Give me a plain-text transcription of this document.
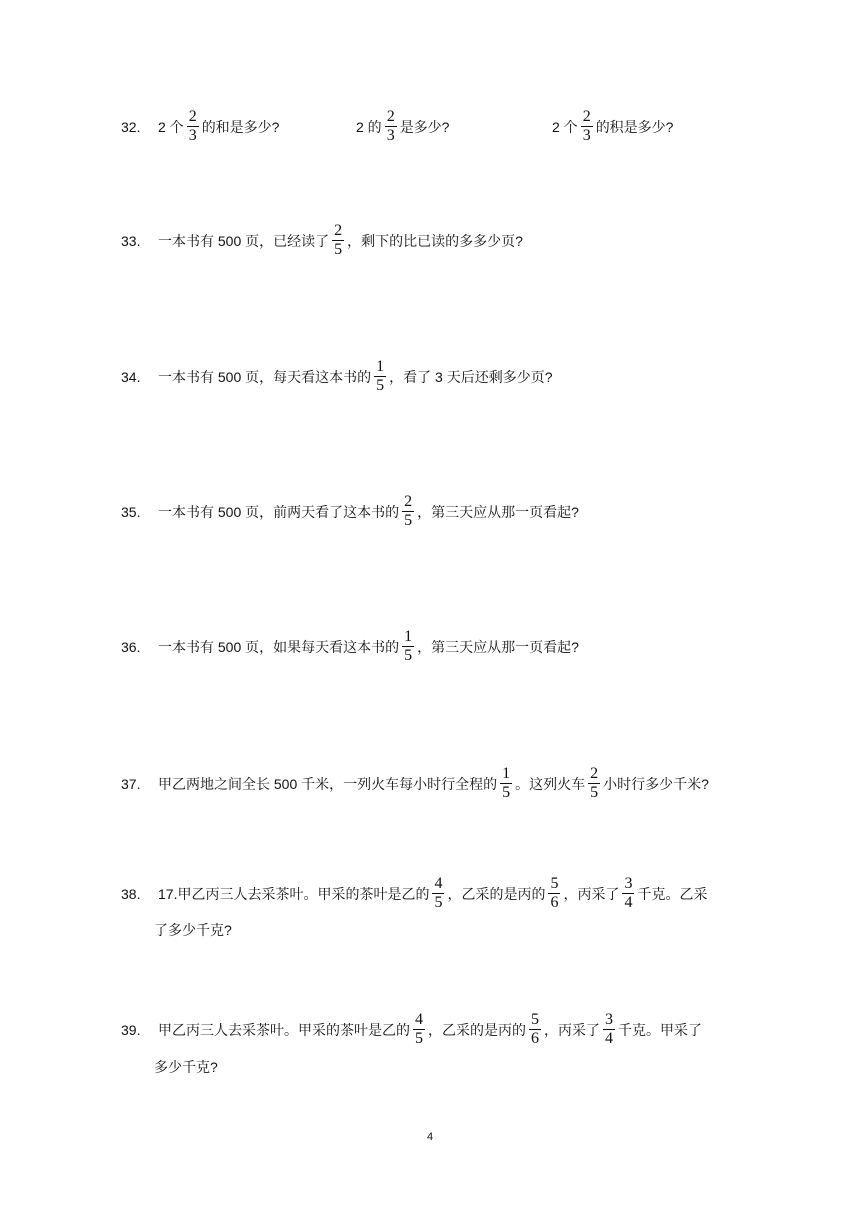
32.	2 个 $\frac{2}{3}$ 的和是多少?	2 的 $\frac{2}{3}$ 是多少?	2 个 $\frac{2}{3}$ 的积是多少?
33.	一本书有 500 页，已经读了 $\frac{2}{5}$ ，剩下的比已读的多多少页?
34.	一本书有 500 页，每天看这本书的 $\frac{1}{5}$ ，看了 3 天后还剩多少页?
35.	一本书有 500 页，前两天看了这本书的 $\frac{2}{5}$ ，第三天应从那一页看起?
36.	一本书有 500 页，如果每天看这本书的 $\frac{1}{5}$ ，第三天应从那一页看起?
37.	甲乙两地之间全长 500 千米，一列火车每小时行全程的 $\frac{1}{5}$ 。这列火车 $\frac{2}{5}$ 小时行多少千米?
38.	17.甲乙丙三人去采茶叶。甲采的茶叶是乙的 $\frac{4}{5}$ ，乙采的是丙的 $\frac{5}{6}$ ，丙采了 $\frac{3}{4}$ 千克。乙采
了多少千克?
39.	甲乙丙三人去采茶叶。甲采的茶叶是乙的 $\frac{4}{5}$ ，乙采的是丙的 $\frac{5}{6}$ ，丙采了 $\frac{3}{4}$ 千克。甲采了
多少千克?
4
